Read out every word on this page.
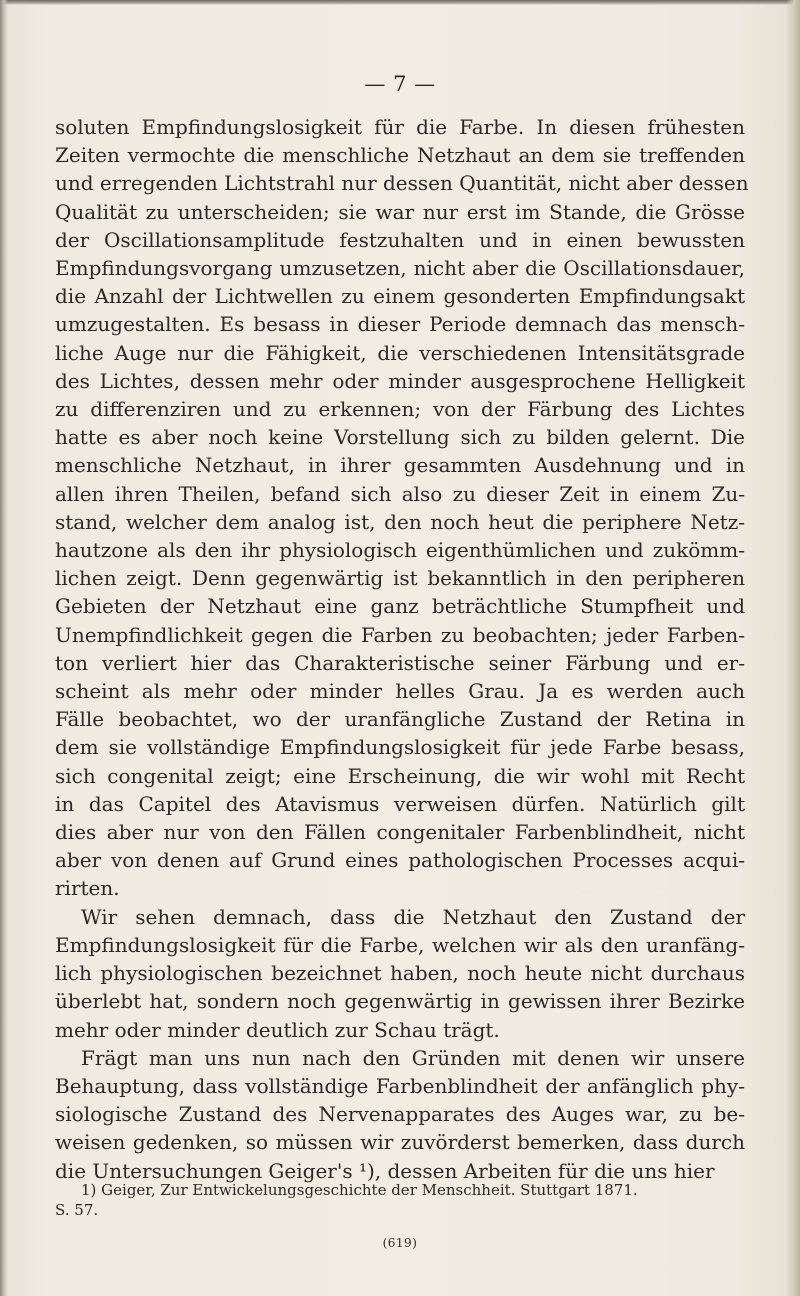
— 7 —
soluten Empfindungslosigkeit für die Farbe. In diesen frühesten
Zeiten vermochte die menschliche Netzhaut an dem sie treffenden
und erregenden Lichtstrahl nur dessen Quantität, nicht aber dessen
Qualität zu unterscheiden; sie war nur erst im Stande, die Grösse
der Oscillationsamplitude festzuhalten und in einen bewussten
Empfindungsvorgang umzusetzen, nicht aber die Oscillationsdauer,
die Anzahl der Lichtwellen zu einem gesonderten Empfindungsakt
umzugestalten. Es besass in dieser Periode demnach das mensch-
liche Auge nur die Fähigkeit, die verschiedenen Intensitätsgrade
des Lichtes, dessen mehr oder minder ausgesprochene Helligkeit
zu differenziren und zu erkennen; von der Färbung des Lichtes
hatte es aber noch keine Vorstellung sich zu bilden gelernt. Die
menschliche Netzhaut, in ihrer gesammten Ausdehnung und in
allen ihren Theilen, befand sich also zu dieser Zeit in einem Zu-
stand, welcher dem analog ist, den noch heut die periphere Netz-
hautzone als den ihr physiologisch eigenthümlichen und zukömm-
lichen zeigt. Denn gegenwärtig ist bekanntlich in den peripheren
Gebieten der Netzhaut eine ganz beträchtliche Stumpfheit und
Unempfindlichkeit gegen die Farben zu beobachten; jeder Farben-
ton verliert hier das Charakteristische seiner Färbung und er-
scheint als mehr oder minder helles Grau. Ja es werden auch
Fälle beobachtet, wo der uranfängliche Zustand der Retina in
dem sie vollständige Empfindungslosigkeit für jede Farbe besass,
sich congenital zeigt; eine Erscheinung, die wir wohl mit Recht
in das Capitel des Atavismus verweisen dürfen. Natürlich gilt
dies aber nur von den Fällen congenitaler Farbenblindheit, nicht
aber von denen auf Grund eines pathologischen Processes acqui-
rirten.
Wir sehen demnach, dass die Netzhaut den Zustand der
Empfindungslosigkeit für die Farbe, welchen wir als den uranfäng-
lich physiologischen bezeichnet haben, noch heute nicht durchaus
überlebt hat, sondern noch gegenwärtig in gewissen ihrer Bezirke
mehr oder minder deutlich zur Schau trägt.
Frägt man uns nun nach den Gründen mit denen wir unsere
Behauptung, dass vollständige Farbenblindheit der anfänglich phy-
siologische Zustand des Nervenapparates des Auges war, zu be-
weisen gedenken, so müssen wir zuvörderst bemerken, dass durch
die Untersuchungen Geiger's ¹), dessen Arbeiten für die uns hier
1) Geiger, Zur Entwickelungsgeschichte der Menschheit. Stuttgart 1871.
S. 57.
(619)
